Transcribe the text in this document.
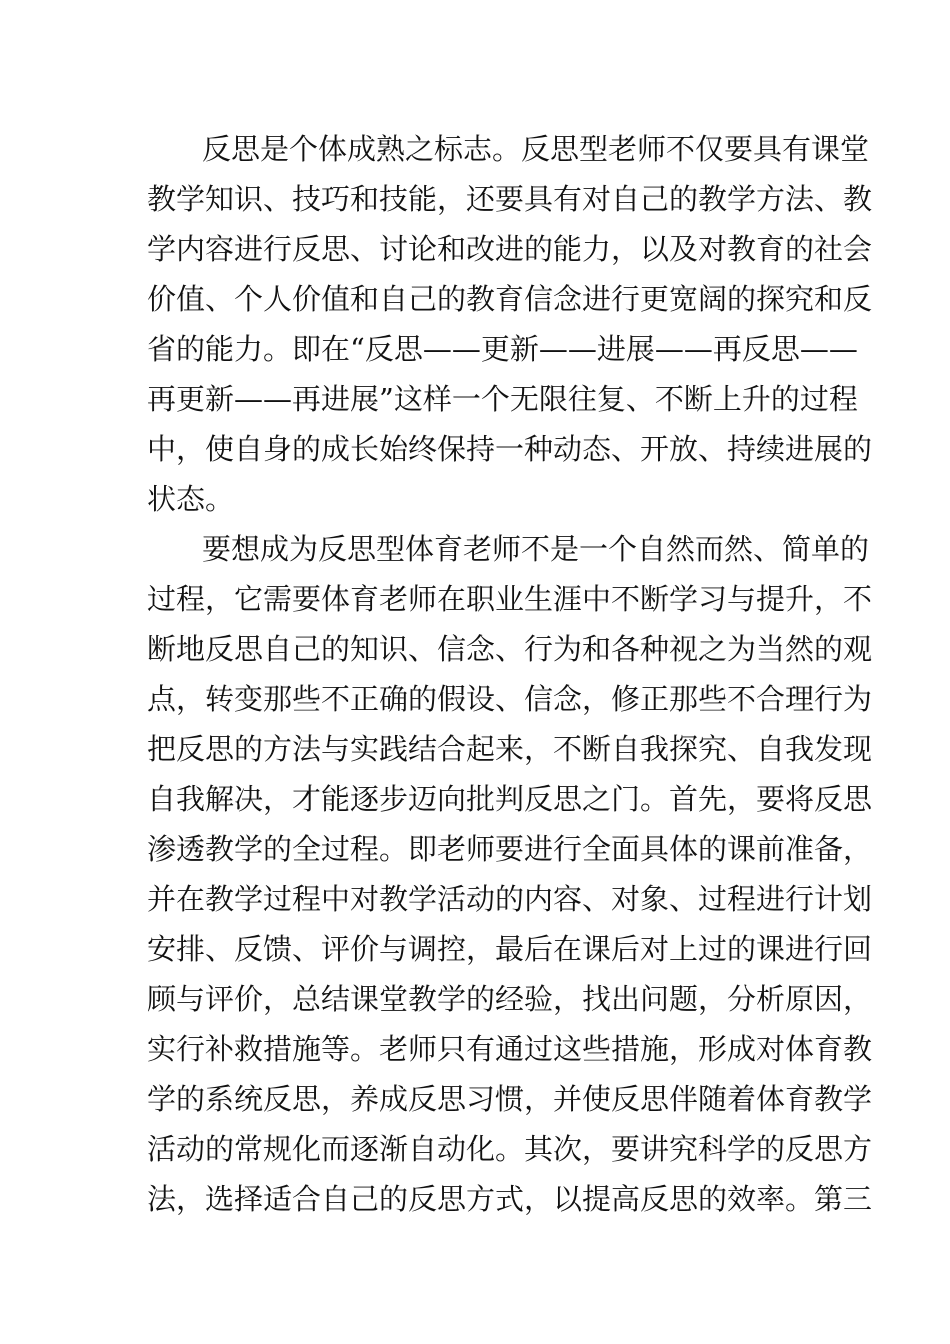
反思是个体成熟之标志。反思型老师不仅要具有课堂
教学知识、技巧和技能，还要具有对自己的教学方法、教
学内容进行反思、讨论和改进的能力，以及对教育的社会
价值、个人价值和自己的教育信念进行更宽阔的探究和反
省的能力。即在“反思——更新——进展——再反思——
再更新——再进展”这样一个无限往复、不断上升的过程
中，使自身的成长始终保持一种动态、开放、持续进展的
状态。
要想成为反思型体育老师不是一个自然而然、简单的
过程，它需要体育老师在职业生涯中不断学习与提升，不
断地反思自己的知识、信念、行为和各种视之为当然的观
点，转变那些不正确的假设、信念，修正那些不合理行为
把反思的方法与实践结合起来，不断自我探究、自我发现
自我解决，才能逐步迈向批判反思之门。首先，要将反思
渗透教学的全过程。即老师要进行全面具体的课前准备，
并在教学过程中对教学活动的内容、对象、过程进行计划
安排、反馈、评价与调控，最后在课后对上过的课进行回
顾与评价，总结课堂教学的经验，找出问题，分析原因，
实行补救措施等。老师只有通过这些措施，形成对体育教
学的系统反思，养成反思习惯，并使反思伴随着体育教学
活动的常规化而逐渐自动化。其次，要讲究科学的反思方
法，选择适合自己的反思方式，以提高反思的效率。第三
